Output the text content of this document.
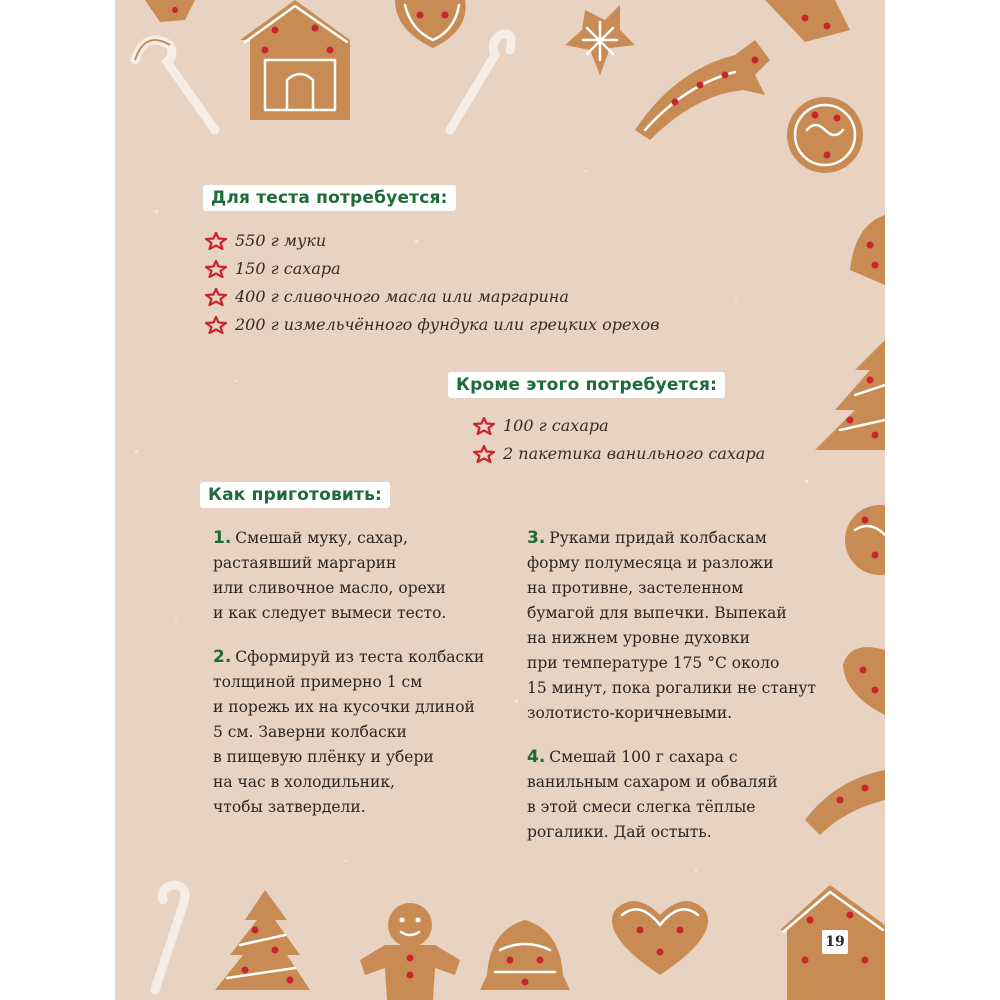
Для теста потребуется:
550 г муки
150 г сахара
400 г сливочного масла или маргарина
200 г измельчённого фундука или грецких орехов
Кроме этого потребуется:
100 г сахара
2 пакетика ванильного сахара
Как приготовить:
1. Смешай муку, сахар,
растаявший маргарин
или сливочное масло, орехи
и как следует вымеси тесто.
2. Сформируй из теста колбаски
толщиной примерно 1 см
и порежь их на кусочки длиной
5 см. Заверни колбаски
в пищевую плёнку и убери
на час в холодильник,
чтобы затвердели.
3. Руками придай колбаскам
форму полумесяца и разложи
на противне, застеленном
бумагой для выпечки. Выпекай
на нижнем уровне духовки
при температуре 175 °C около
15 минут, пока рогалики не станут
золотисто-коричневыми.
4. Смешай 100 г сахара с
ванильным сахаром и обваляй
в этой смеси слегка тёплые
рогалики. Дай остыть.
19
